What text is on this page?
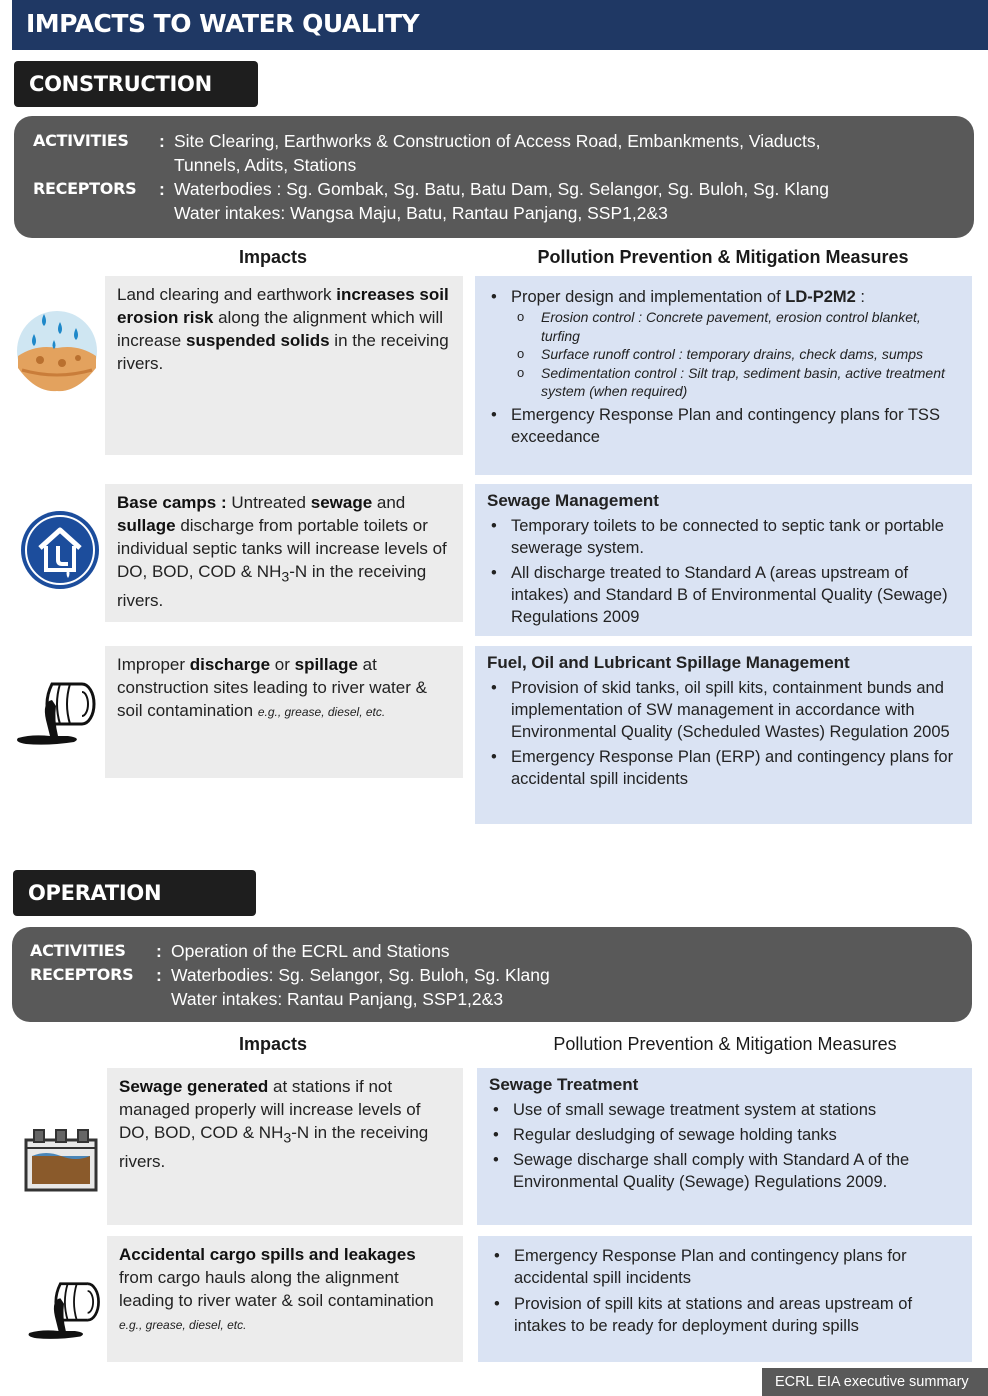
IMPACTS TO WATER QUALITY
CONSTRUCTION
ACTIVITIES	: Site Clearing, Earthworks & Construction of Access Road, Embankments, Viaducts,
Tunnels, Adits, Stations
RECEPTORS	: Waterbodies : Sg. Gombak, Sg. Batu, Batu Dam, Sg. Selangor, Sg. Buloh, Sg. Klang
Water intakes: Wangsa Maju, Batu, Rantau Panjang, SSP1,2&3
Impacts	Pollution Prevention & Mitigation Measures
Land clearing and earthwork increases soil erosion risk along the alignment which will increase suspended solids in the receiving rivers.
• Proper design and implementation of LD-P2M2 :
o Erosion control : Concrete pavement, erosion control blanket, turfing
o Surface runoff control : temporary drains, check dams, sumps
o Sedimentation control : Silt trap, sediment basin, active treatment system (when required)
• Emergency Response Plan and contingency plans for TSS exceedance
Base camps : Untreated sewage and sullage discharge from portable toilets or individual septic tanks will increase levels of DO, BOD, COD & $NH_3-N$ in the receiving rivers.
Sewage Management
• Temporary toilets to be connected to septic tank or portable sewerage system.
• All discharge treated to Standard A (areas upstream of intakes) and Standard B of Environmental Quality (Sewage) Regulations 2009
Improper discharge or spillage at construction sites leading to river water & soil contamination e.g., grease, diesel, etc.
Fuel, Oil and Lubricant Spillage Management
• Provision of skid tanks, oil spill kits, containment bunds and implementation of SW management in accordance with Environmental Quality (Scheduled Wastes) Regulation 2005
• Emergency Response Plan (ERP) and contingency plans for accidental spill incidents
OPERATION
ACTIVITIES	: Operation of the ECRL and Stations
RECEPTORS	: Waterbodies: Sg. Selangor, Sg. Buloh, Sg. Klang
Water intakes: Rantau Panjang, SSP1,2&3
Impacts	Pollution Prevention & Mitigation Measures
Sewage generated at stations if not managed properly will increase levels of DO, BOD, COD & $NH_3-N$ in the receiving rivers.
Sewage Treatment
• Use of small sewage treatment system at stations
• Regular desludging of sewage holding tanks
• Sewage discharge shall comply with Standard A of the Environmental Quality (Sewage) Regulations 2009.
Accidental cargo spills and leakages from cargo hauls along the alignment leading to river water & soil contamination e.g., grease, diesel, etc.
• Emergency Response Plan and contingency plans for accidental spill incidents
• Provision of spill kits at stations and areas upstream of intakes to be ready for deployment during spills
ECRL EIA executive summary
